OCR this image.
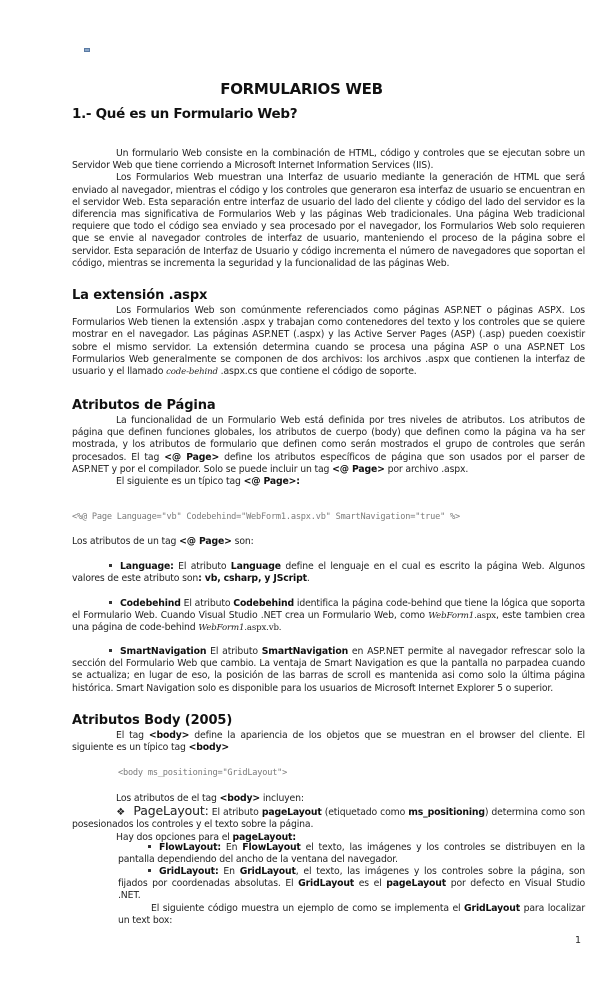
FORMULARIOS WEB
1.- Qué es un Formulario Web?

Un formulario Web consiste en la combinación de HTML, código y controles que se ejecutan sobre un Servidor Web que tiene corriendo a Microsoft Internet Information Services (IIS).
Los Formularios Web muestran una Interfaz de usuario mediante la generación de HTML que será enviado al navegador, mientras el código y los controles que generaron esa interfaz de usuario se encuentran en el servidor Web. Esta separación entre interfaz de usuario del lado del cliente y código del lado del servidor es la diferencia mas significativa de Formularios Web y las páginas Web tradicionales. Una página Web tradicional requiere que todo el código sea enviado y sea procesado por el navegador, los Formularios Web solo requieren que se envie al navegador controles de interfaz de usuario, manteniendo el proceso de la página sobre el servidor. Esta separación de Interfaz de Usuario y código incrementa el número de navegadores que soportan el código, mientras se incrementa la seguridad y la funcionalidad de las páginas Web.

La extensión .aspx

Los Formularios Web son comúnmente referenciados como páginas ASP.NET o páginas ASPX. Los Formularios Web tienen la extensión .aspx y trabajan como contenedores del texto y los controles que se quiere mostrar en el navegador. Las páginas ASP.NET (.aspx) y las Active Server Pages (ASP) (.asp) pueden coexistir sobre el mismo servidor. La extensión determina cuando se procesa una página ASP o una ASP.NET Los Formularios Web generalmente se componen de dos archivos: los archivos .aspx que contienen la interfaz de usuario y el llamado code-behind .aspx.cs que contiene el código de soporte.

Atributos de Página

La funcionalidad de un Formulario Web está definida por tres niveles de atributos. Los atributos de página que definen funciones globales, los atributos de cuerpo (body) que definen como la página va ha ser mostrada, y los atributos de formulario que definen como serán mostrados el grupo de controles que serán procesados. El tag <@ Page> define los atributos específicos de página que son usados por el parser de ASP.NET y por el compilador. Solo se puede incluir un tag <@ Page> por archivo .aspx.
El siguiente es un típico tag <@ Page>:

<%@ Page Language="vb" Codebehind="WebForm1.aspx.vb" SmartNavigation="true" %>

Los atributos de un tag <@ Page> son:

Language: El atributo Language define el lenguaje en el cual es escrito la página Web. Algunos valores de este atributo son: vb, csharp, y JScript.

Codebehind El atributo Codebehind identifica la página code-behind que tiene la lógica que soporta el Formulario Web. Cuando Visual Studio .NET crea un Formulario Web, como WebForm1.aspx, este tambien crea una página de code-behind WebForm1.aspx.vb.

SmartNavigation El atributo SmartNavigation en ASP.NET permite al navegador refrescar solo la sección del Formulario Web que cambio. La ventaja de Smart Navigation es que la pantalla no parpadea cuando se actualiza; en lugar de eso, la posición de las barras de scroll es mantenida asi como solo la última página histórica. Smart Navigation solo es disponible para los usuarios de Microsoft Internet Explorer 5 o superior.

Atributos Body (2005)

El tag <body> define la apariencia de los objetos que se muestran en el browser del cliente. El siguiente es un típico tag <body>

<body ms_positioning="GridLayout">

Los atributos de el tag <body> incluyen:
❖ PageLayout: El atributo pageLayout (etiquetado como ms_positioning) determina como son posesionados los controles y el texto sobre la página.
Hay dos opciones para el pageLayout:

FlowLayout: En FlowLayout el texto, las imágenes y los controles se distribuyen en la pantalla dependiendo del ancho de la ventana del navegador.

GridLayout: En GridLayout, el texto, las imágenes y los controles sobre la página, son fijados por coordenadas absolutas. El GridLayout es el pageLayout por defecto en Visual Studio .NET.
El siguiente código muestra un ejemplo de como se implementa el GridLayout para localizar un text box:

1
